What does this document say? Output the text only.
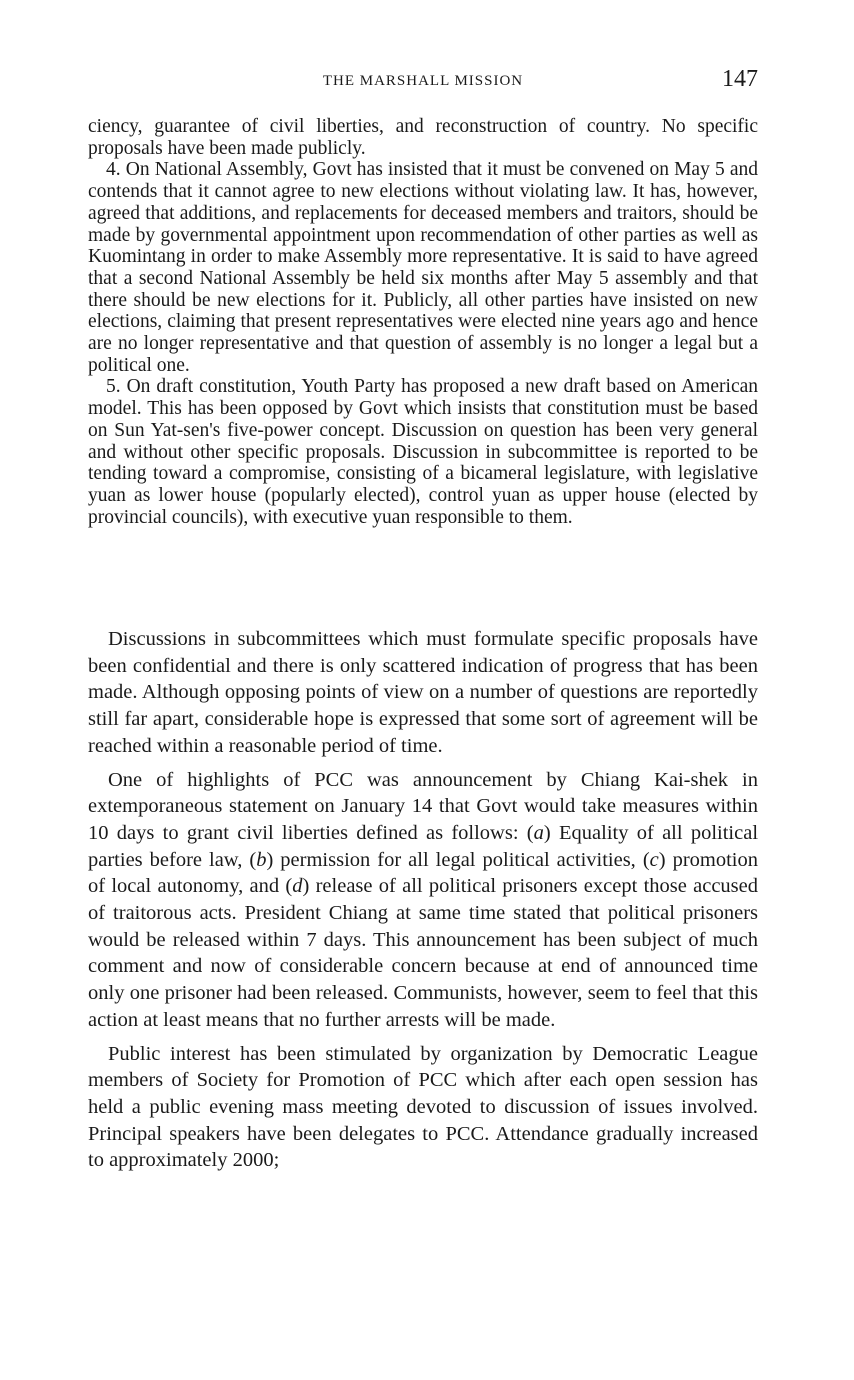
THE MARSHALL MISSION	147

ciency, guarantee of civil liberties, and reconstruction of country. No specific proposals have been made publicly.

4. On National Assembly, Govt has insisted that it must be convened on May 5 and contends that it cannot agree to new elections without violating law. It has, however, agreed that additions, and replacements for deceased members and traitors, should be made by governmental appointment upon recommendation of other parties as well as Kuomintang in order to make Assembly more representative. It is said to have agreed that a second National Assembly be held six months after May 5 assembly and that there should be new elections for it. Publicly, all other parties have insisted on new elections, claiming that present representatives were elected nine years ago and hence are no longer representative and that question of assembly is no longer a legal but a political one.

5. On draft constitution, Youth Party has proposed a new draft based on American model. This has been opposed by Govt which insists that constitution must be based on Sun Yat-sen's five-power concept. Discussion on question has been very general and without other specific proposals. Discussion in subcommittee is reported to be tending toward a compromise, consisting of a bicameral legislature, with legislative yuan as lower house (popularly elected), control yuan as upper house (elected by provincial councils), with executive yuan responsible to them.

Discussions in subcommittees which must formulate specific proposals have been confidential and there is only scattered indication of progress that has been made. Although opposing points of view on a number of questions are reportedly still far apart, considerable hope is expressed that some sort of agreement will be reached within a reasonable period of time.

One of highlights of PCC was announcement by Chiang Kai-shek in extemporaneous statement on January 14 that Govt would take measures within 10 days to grant civil liberties defined as follows: (a) Equality of all political parties before law, (b) permission for all legal political activities, (c) promotion of local autonomy, and (d) release of all political prisoners except those accused of traitorous acts. President Chiang at same time stated that political prisoners would be released within 7 days. This announcement has been subject of much comment and now of considerable concern because at end of announced time only one prisoner had been released. Communists, however, seem to feel that this action at least means that no further arrests will be made.

Public interest has been stimulated by organization by Democratic League members of Society for Promotion of PCC which after each open session has held a public evening mass meeting devoted to discussion of issues involved. Principal speakers have been delegates to PCC. Attendance gradually increased to approximately 2000;
